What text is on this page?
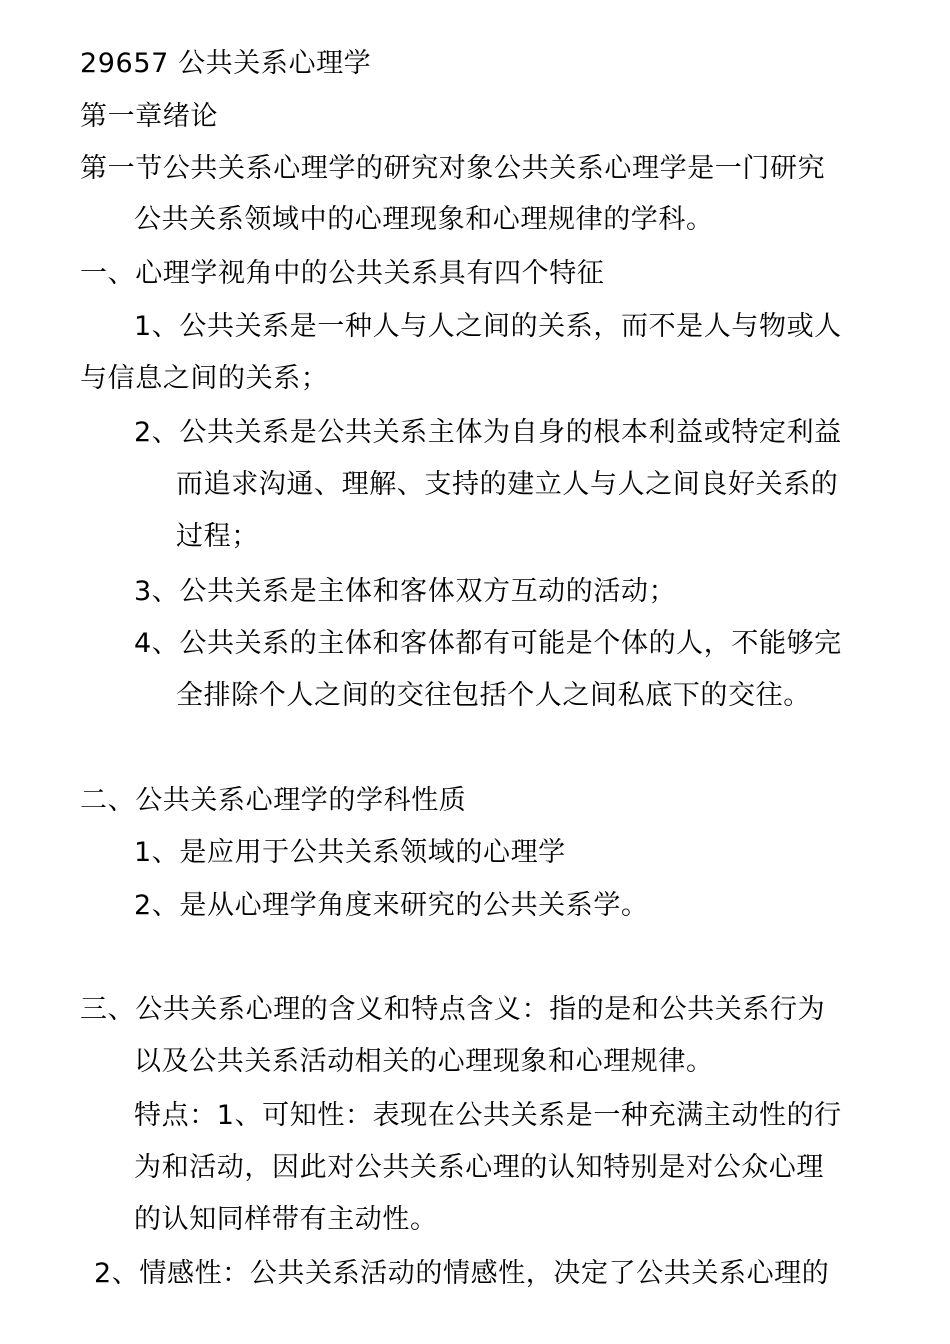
29657 公共关系心理学
第一章绪论
第一节公共关系心理学的研究对象公共关系心理学是一门研究
公共关系领域中的心理现象和心理规律的学科。
一、心理学视角中的公共关系具有四个特征
1、公共关系是一种人与人之间的关系，而不是人与物或人
与信息之间的关系；
2、公共关系是公共关系主体为自身的根本利益或特定利益
而追求沟通、理解、支持的建立人与人之间良好关系的
过程；
3、公共关系是主体和客体双方互动的活动；
4、公共关系的主体和客体都有可能是个体的人，不能够完
全排除个人之间的交往包括个人之间私底下的交往。
二、公共关系心理学的学科性质
1、是应用于公共关系领域的心理学
2、是从心理学角度来研究的公共关系学。
三、公共关系心理的含义和特点含义：指的是和公共关系行为
以及公共关系活动相关的心理现象和心理规律。
特点：1、可知性：表现在公共关系是一种充满主动性的行
为和活动，因此对公共关系心理的认知特别是对公众心理
的认知同样带有主动性。
2、情感性：公共关系活动的情感性，决定了公共关系心理的
